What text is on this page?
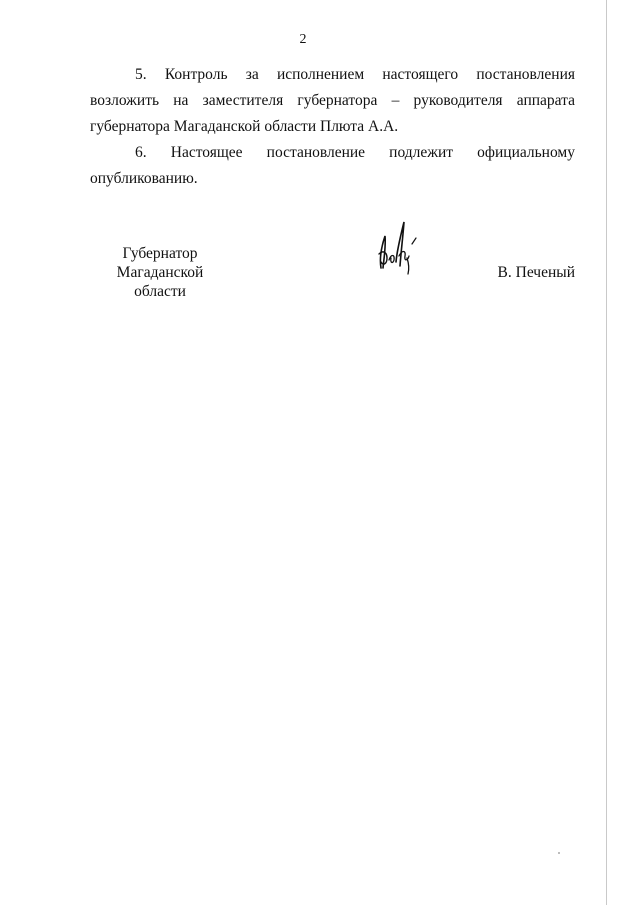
2

5. Контроль за исполнением настоящего постановления возложить на заместителя губернатора – руководителя аппарата губернатора Магаданской области Плюта А.А.

6. Настоящее постановление подлежит официальному опубликованию.

Губернатор
Магаданской области
В. Печеный
